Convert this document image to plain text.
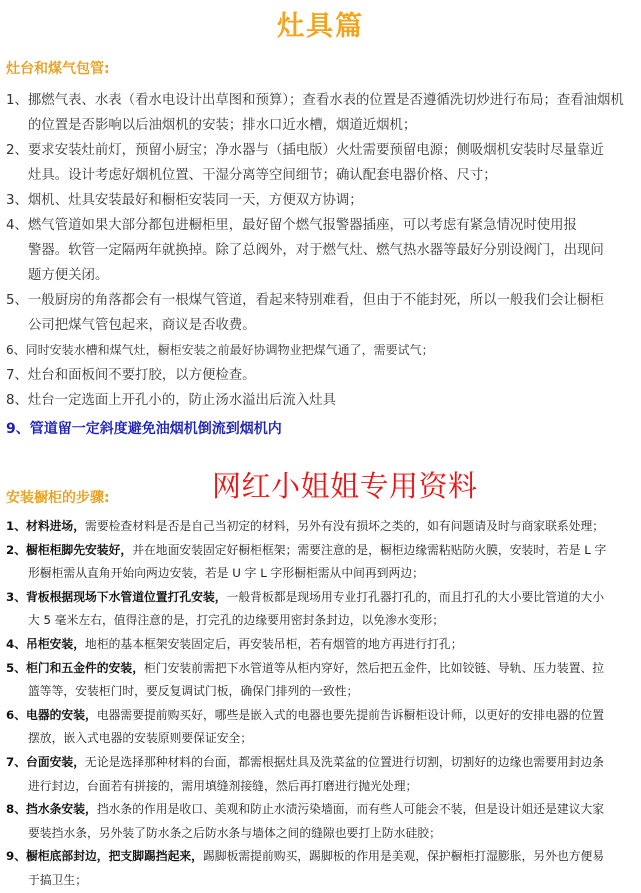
灶具篇
灶台和煤气包管:
1、挪燃气表、水表（看水电设计出草图和预算）；查看水表的位置是否遵循洗切炒进行布局；查看油烟机
的位置是否影响以后油烟机的安装；排水口近水槽，烟道近烟机；
2、要求安装灶前灯，预留小厨宝；净水器与（插电版）火灶需要预留电源；侧吸烟机安装时尽量靠近
灶具。设计考虑好烟机位置、干湿分离等空间细节；确认配套电器价格、尺寸；
3、烟机、灶具安装最好和橱柜安装同一天，方便双方协调；
4、燃气管道如果大部分都包进橱柜里，最好留个燃气报警器插座，可以考虑有紧急情况时使用报
警器。软管一定隔两年就换掉。除了总阀外，对于燃气灶、燃气热水器等最好分别设阀门，出现问
题方便关闭。
5、一般厨房的角落都会有一根煤气管道，看起来特别难看，但由于不能封死，所以一般我们会让橱柜
公司把煤气管包起来，商议是否收费。
6、同时安装水槽和煤气灶，橱柜安装之前最好协调物业把煤气通了，需要试气；
7、灶台和面板间不要打胶，以方便检查。
8、灶台一定选面上开孔小的，防止汤水溢出后流入灶具
9、管道留一定斜度避免油烟机倒流到烟机内
安装橱柜的步骤:	网红小姐姐专用资料
1、材料进场，需要检查材料是否是自己当初定的材料，另外有没有损坏之类的，如有问题请及时与商家联系处理；
2、橱柜柜脚先安装好，并在地面安装固定好橱柜框架；需要注意的是，橱柜边缘需粘贴防火膜，安装时，若是 L 字
形橱柜需从直角开始向两边安装，若是 U 字 L 字形橱柜需从中间再到两边；
3、背板根据现场下水管道位置打孔安装，一般背板都是现场用专业打孔器打孔的，而且打孔的大小要比管道的大小
大 5 毫米左右，值得注意的是，打完孔的边缘要用密封条封边，以免渗水变形；
4、吊柜安装，地柜的基本框架安装固定后，再安装吊柜，若有烟管的地方再进行打孔；
5、柜门和五金件的安装，柜门安装前需把下水管道等从柜内穿好，然后把五金件，比如铰链、导轨、压力装置、拉
篮等等，安装柜门时，要反复调试门板，确保门排列的一致性；
6、电器的安装，电器需要提前购买好，哪些是嵌入式的电器也要先提前告诉橱柜设计师，以更好的安排电器的位置
摆放，嵌入式电器的安装原则要保证安全；
7、台面安装，无论是选择那种材料的台面，都需根据灶具及洗菜盆的位置进行切割，切割好的边缘也需要用封边条
进行封边，台面若有拼接的，需用填缝剂接缝，然后再打磨进行抛光处理；
8、挡水条安装，挡水条的作用是收口、美观和防止水渍污染墙面，而有些人可能会不装，但是设计姐还是建议大家
要装挡水条，另外装了防水条之后防水条与墙体之间的缝隙也要打上防水硅胶；
9、橱柜底部封边，把支脚踢挡起来，踢脚板需提前购买，踢脚板的作用是美观，保护橱柜打湿膨胀，另外也方便易
于搞卫生；
